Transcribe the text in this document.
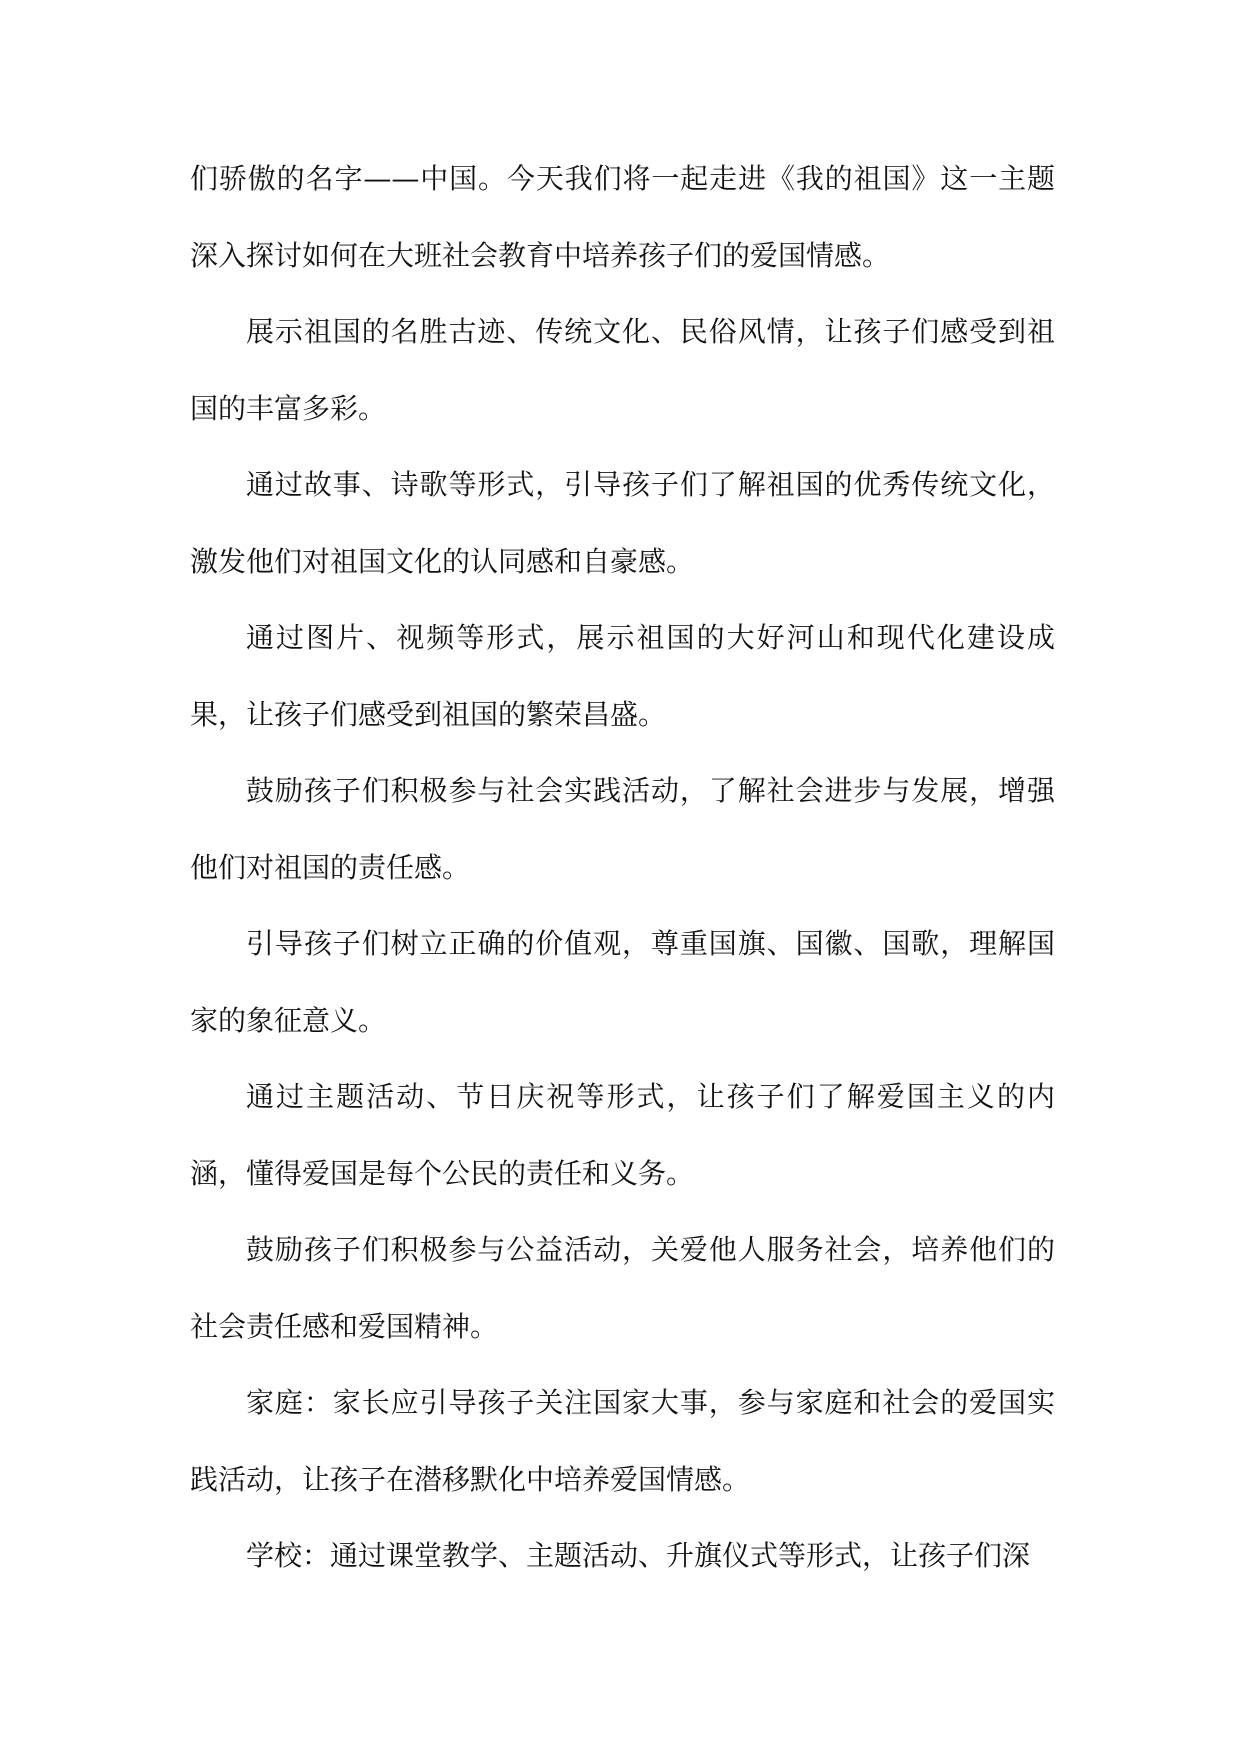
们骄傲的名字——中国。今天我们将一起走进《我的祖国》这一主题深入探讨如何在大班社会教育中培养孩子们的爱国情感。

展示祖国的名胜古迹、传统文化、民俗风情，让孩子们感受到祖国的丰富多彩。

通过故事、诗歌等形式，引导孩子们了解祖国的优秀传统文化，激发他们对祖国文化的认同感和自豪感。

通过图片、视频等形式，展示祖国的大好河山和现代化建设成果，让孩子们感受到祖国的繁荣昌盛。

鼓励孩子们积极参与社会实践活动，了解社会进步与发展，增强他们对祖国的责任感。

引导孩子们树立正确的价值观，尊重国旗、国徽、国歌，理解国家的象征意义。

通过主题活动、节日庆祝等形式，让孩子们了解爱国主义的内涵，懂得爱国是每个公民的责任和义务。

鼓励孩子们积极参与公益活动，关爱他人服务社会，培养他们的社会责任感和爱国精神。

家庭：家长应引导孩子关注国家大事，参与家庭和社会的爱国实践活动，让孩子在潜移默化中培养爱国情感。

学校：通过课堂教学、主题活动、升旗仪式等形式，让孩子们深
